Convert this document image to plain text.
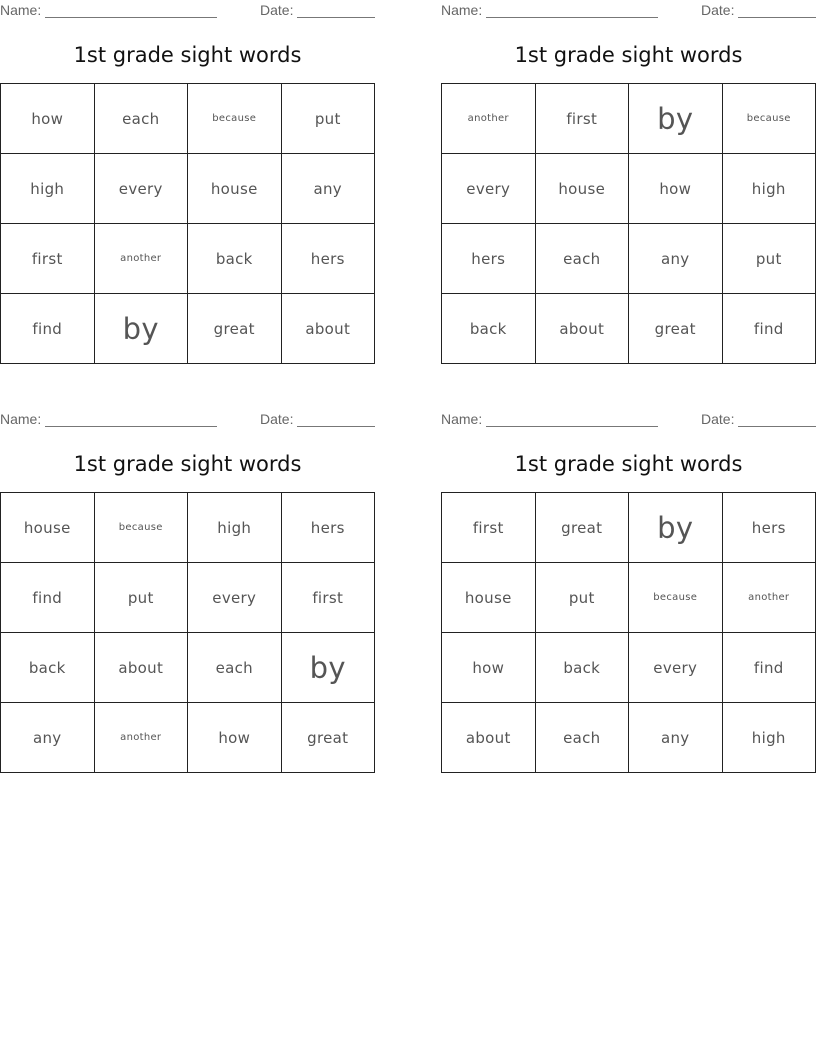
Name:	Date:
1st grade sight words
how	each	because	put
high	every	house	any
first	another	back	hers
find	by	great	about
Name:	Date:
1st grade sight words
another	first	by	because
every	house	how	high
hers	each	any	put
back	about	great	find
Name:	Date:
1st grade sight words
house	because	high	hers
find	put	every	first
back	about	each	by
any	another	how	great
Name:	Date:
1st grade sight words
first	great	by	hers
house	put	because	another
how	back	every	find
about	each	any	high
